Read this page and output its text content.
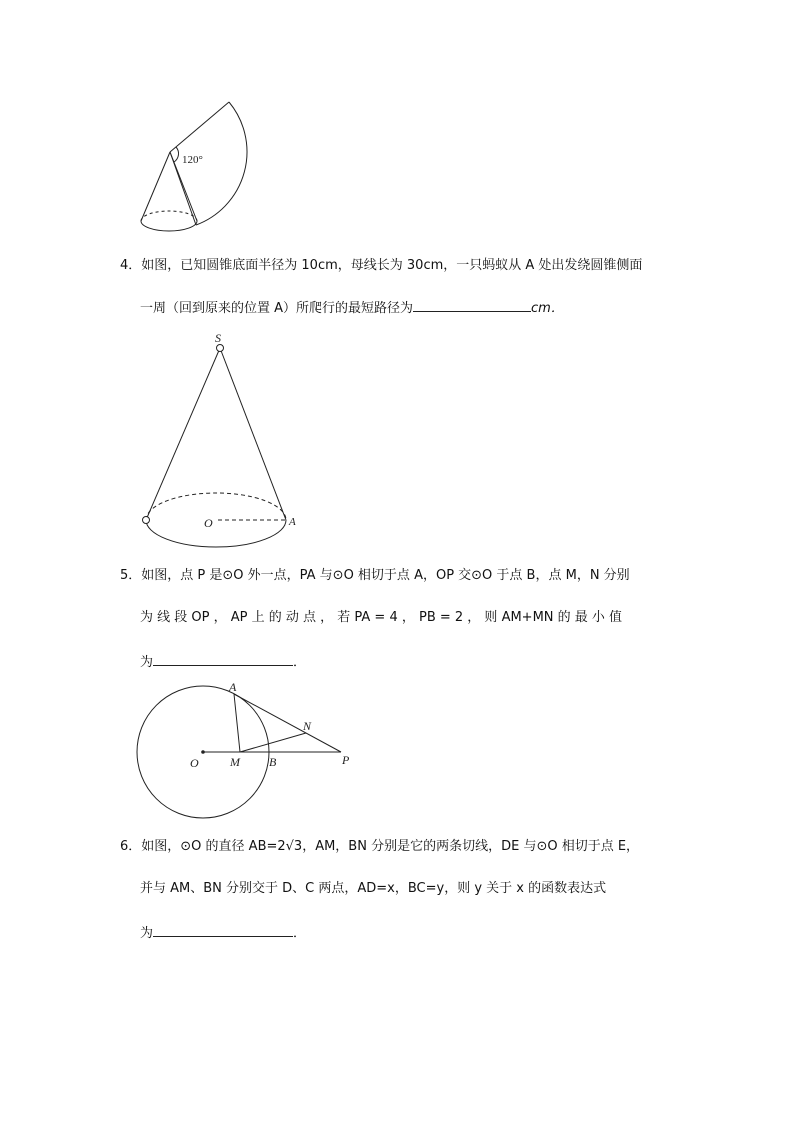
120°
4．如图，已知圆锥底面半径为 10cm，母线长为 30cm，一只蚂蚁从 A 处出发绕圆锥侧面
一周（回到原来的位置 A）所爬行的最短路径为	cm．
S
O	A
5．如图，点 P 是⊙O 外一点，PA 与⊙O 相切于点 A，OP 交⊙O 于点 B，点 M，N 分别
为 线 段 OP ， AP 上 的 动 点 ， 若 PA = 4 ， PB = 2 ， 则 AM+MN 的 最 小 值
为	．
A
N
O	M B	P
6．如图，⊙O 的直径 AB=2√3，AM，BN 分别是它的两条切线，DE 与⊙O 相切于点 E，
并与 AM、BN 分别交于 D、C 两点，AD=x，BC=y，则 y 关于 x 的函数表达式
为	．
